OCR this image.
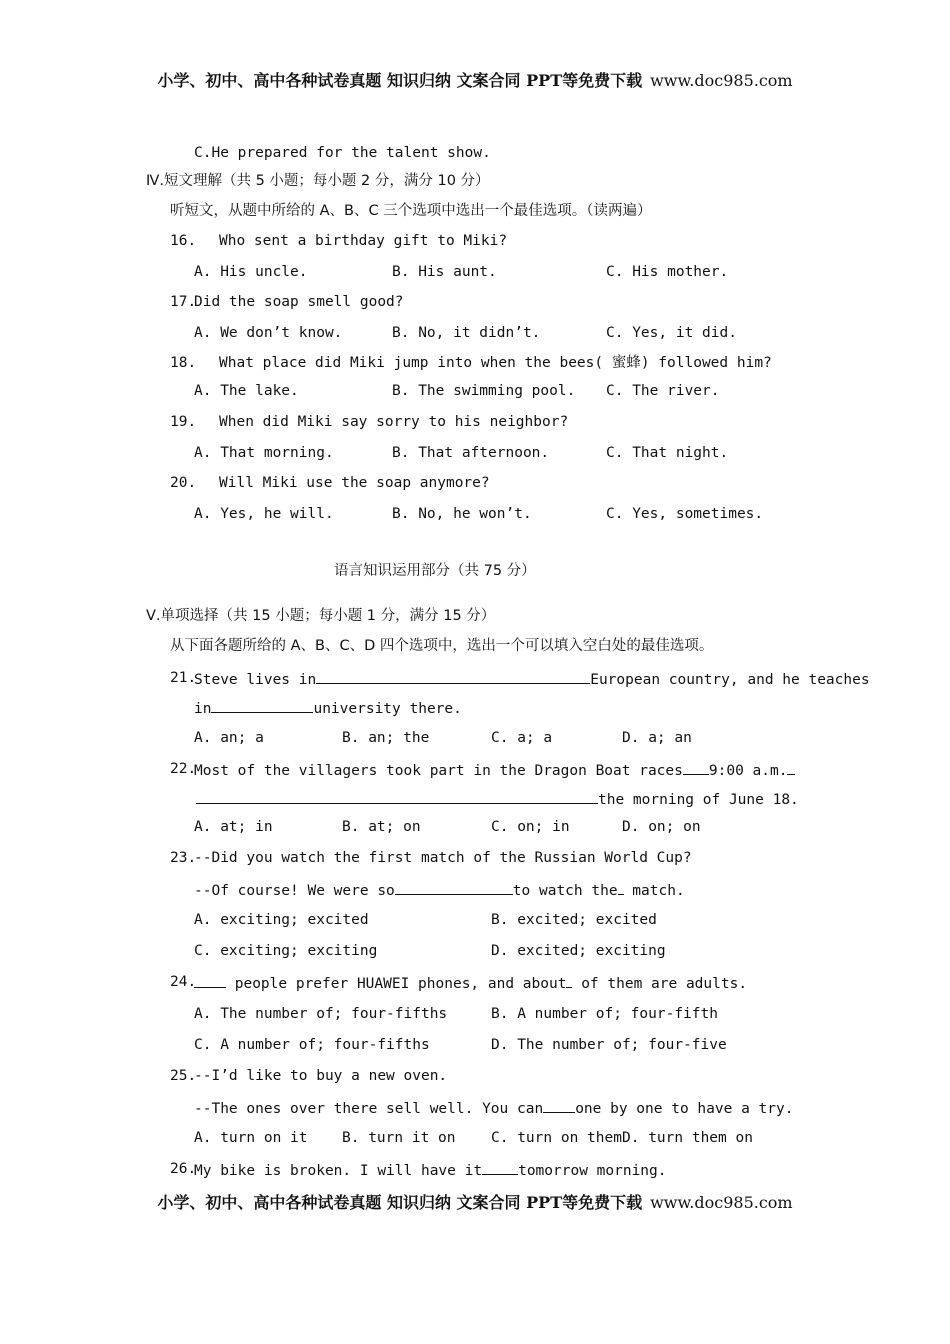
小学、初中、高中各种试卷真题 知识归纳 文案合同 PPT等免费下载 www.doc985.com
C.He prepared for the talent show.
Ⅳ.短文理解（共 5 小题；每小题 2 分，满分 10 分）
听短文，从题中所给的 A、B、C 三个选项中选出一个最佳选项。（读两遍）
16. Who sent a birthday gift to Miki?
A. His uncle.	B. His aunt.	C. His mother.
17.
Did the soap smell good?
A. We don’t know.	B. No, it didn’t.	C. Yes, it did.
18. What place did Miki jump into when the bees( 蜜蜂) followed him?
A. The lake.	B. The swimming pool. C. The river.
19. When did Miki say sorry to his neighbor?
A. That morning.	B. That afternoon.	C. That night.
20. Will Miki use the soap anymore?
A. Yes, he will.	B. No, he won’t.	C. Yes, sometimes.
语言知识运用部分（共 75 分）
Ⅴ.单项选择（共 15 小题；每小题 1 分，满分 15 分）
从下面各题所给的 A、B、C、D 四个选项中，选出一个可以填入空白处的最佳选项。
21.
Steve lives in	European country, and he teaches
in	university there.
A. an; a	B. an; the	C. a; a	D. a; an
22.
Most of the villagers took part in the Dragon Boat races 9:00 a.m.
the morning of June 18.
A. at; in	B. at; on	C. on; in	D. on; on
23.
--Did you watch the first match of the Russian World Cup?
--Of course! We were so	to watch the match.
A. exciting; excited	B. excited; excited
C. exciting; exciting	D. excited; exciting
24.	people prefer HUAWEI phones, and about of them are adults.
A. The number of; four-fifths	B. A number of; four-fifth
C. A number of; four-fifths	D. The number of; four-five
25.
--I’d like to buy a new oven.
--The ones over there sell well. You can one by one to have a try.
A. turn on it B. turn it on C. turn on them D. turn them on
26.
My bike is broken. I will have it tomorrow morning.
小学、初中、高中各种试卷真题 知识归纳 文案合同 PPT等免费下载 www.doc985.com
